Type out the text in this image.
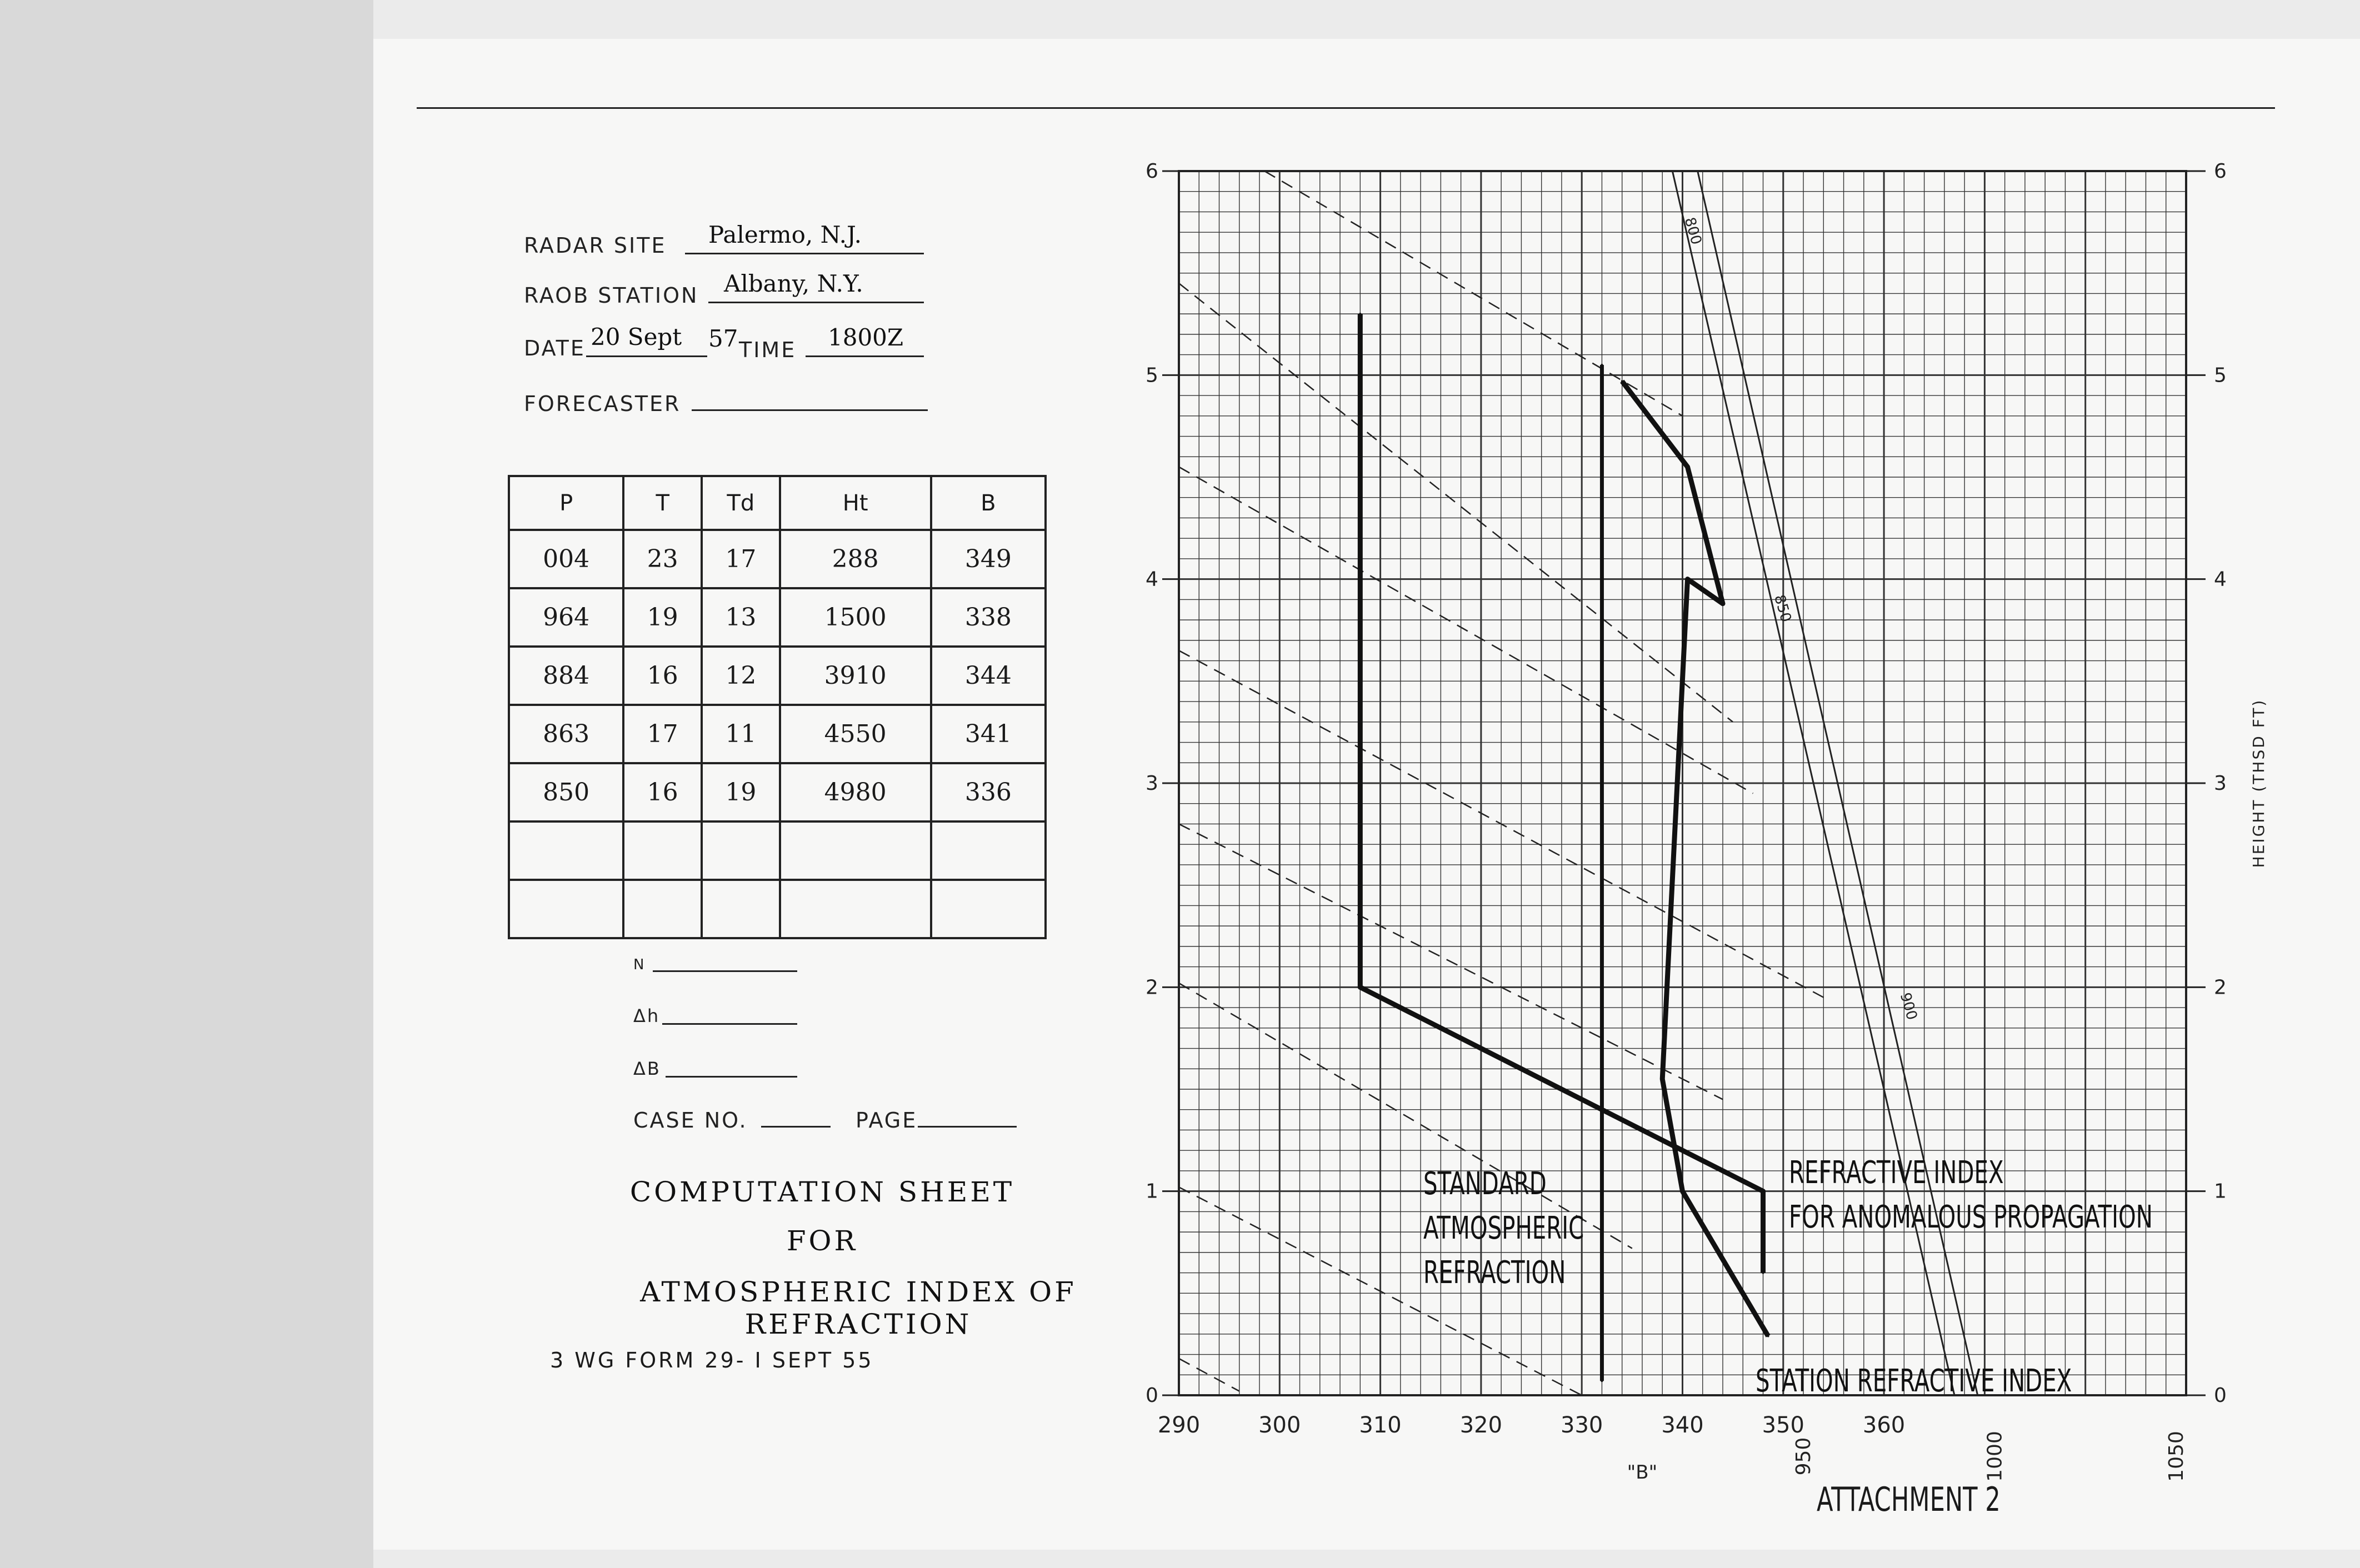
RADAR SITE Palermo, N.J.
RAOB STATION Albany, N.Y.
DATE 20 Sept 57 TIME 1800Z
FORECASTER
P	T	Td	Ht	B
004	23	17	288	349
964	19	13	1500	338
884	16	12	3910	344
863	17	11	4550	341
850	16	19	4980	336

N
Δh
ΔB
CASE NO.	PAGE
COMPUTATION SHEET
FOR
ATMOSPHERIC INDEX OF REFRACTION
3 WG FORM 29- I SEPT 55
0	0
1	1
2	2
3	3
4	4
5	5
6	6
290	300	310	320	330	340	350	360
950	1000	1050
"B"
HEIGHT (THSD FT)
800
850
900
STANDARD
ATMOSPHERIC
REFRACTION
REFRACTIVE INDEX
FOR ANOMALOUS PROPAGATION
STATION REFRACTIVE INDEX
ATTACHMENT 2
